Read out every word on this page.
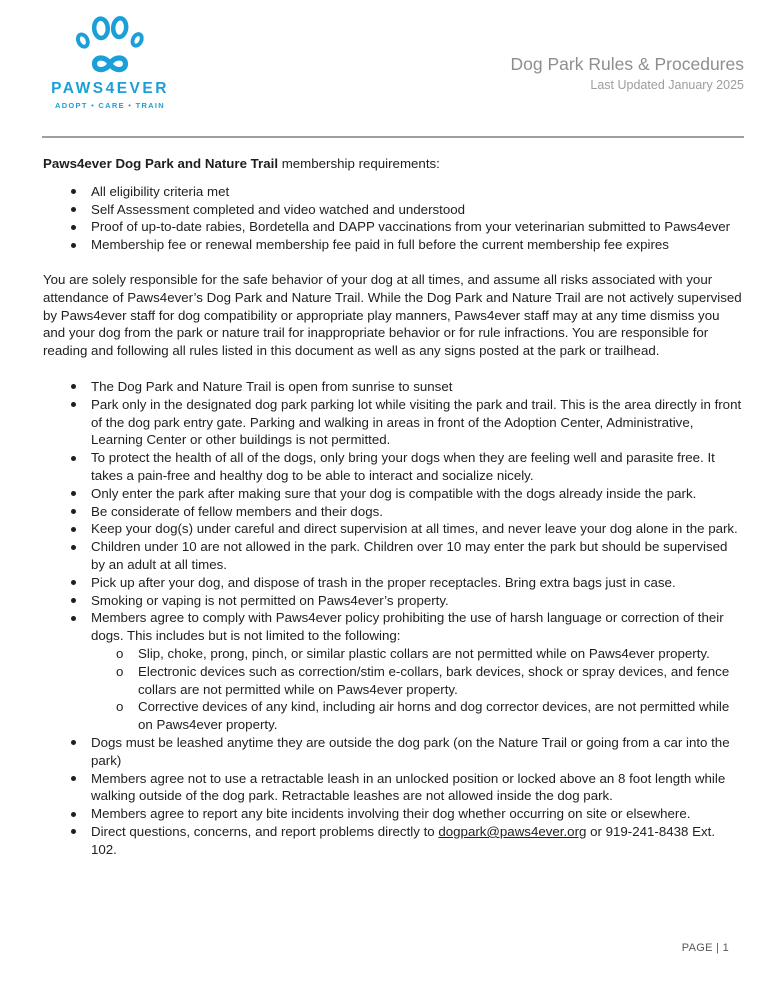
PAWS4EVER
ADOPT • CARE • TRAIN
Dog Park Rules & Procedures
Last Updated January 2025

Paws4ever Dog Park and Nature Trail membership requirements:

All eligibility criteria met
Self Assessment completed and video watched and understood
Proof of up-to-date rabies, Bordetella and DAPP vaccinations from your veterinarian submitted to Paws4ever
Membership fee or renewal membership fee paid in full before the current membership fee expires

You are solely responsible for the safe behavior of your dog at all times, and assume all risks associated with your attendance of Paws4ever’s Dog Park and Nature Trail. While the Dog Park and Nature Trail are not actively supervised by Paws4ever staff for dog compatibility or appropriate play manners, Paws4ever staff may at any time dismiss you and your dog from the park or nature trail for inappropriate behavior or for rule infractions. You are responsible for reading and following all rules listed in this document as well as any signs posted at the park or trailhead.

The Dog Park and Nature Trail is open from sunrise to sunset
Park only in the designated dog park parking lot while visiting the park and trail. This is the area directly in front of the dog park entry gate. Parking and walking in areas in front of the Adoption Center, Administrative, Learning Center or other buildings is not permitted.
To protect the health of all of the dogs, only bring your dogs when they are feeling well and parasite free. It takes a pain-free and healthy dog to be able to interact and socialize nicely.
Only enter the park after making sure that your dog is compatible with the dogs already inside the park.
Be considerate of fellow members and their dogs.
Keep your dog(s) under careful and direct supervision at all times, and never leave your dog alone in the park.
Children under 10 are not allowed in the park. Children over 10 may enter the park but should be supervised by an adult at all times.
Pick up after your dog, and dispose of trash in the proper receptacles. Bring extra bags just in case.
Smoking or vaping is not permitted on Paws4ever’s property.
Members agree to comply with Paws4ever policy prohibiting the use of harsh language or correction of their dogs. This includes but is not limited to the following:
o Slip, choke, prong, pinch, or similar plastic collars are not permitted while on Paws4ever property.
o Electronic devices such as correction/stim e-collars, bark devices, shock or spray devices, and fence collars are not permitted while on Paws4ever property.
o Corrective devices of any kind, including air horns and dog corrector devices, are not permitted while on Paws4ever property.
Dogs must be leashed anytime they are outside the dog park (on the Nature Trail or going from a car into the park)
Members agree not to use a retractable leash in an unlocked position or locked above an 8 foot length while walking outside of the dog park. Retractable leashes are not allowed inside the dog park.
Members agree to report any bite incidents involving their dog whether occurring on site or elsewhere.
Direct questions, concerns, and report problems directly to dogpark@paws4ever.org or 919-241-8438 Ext. 102.
PAGE | 1
